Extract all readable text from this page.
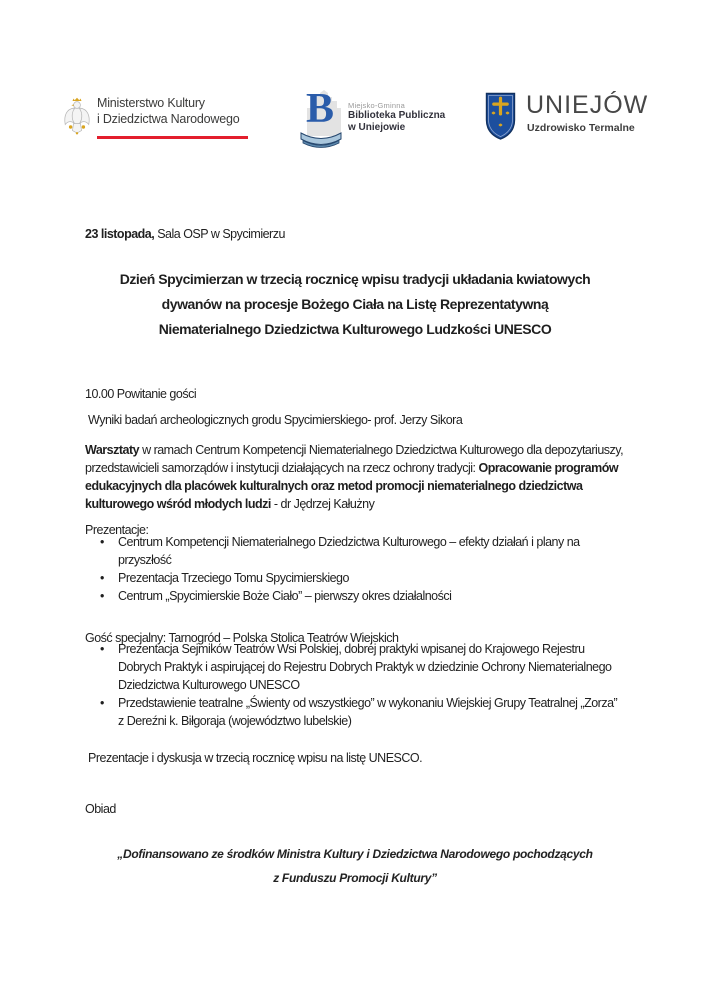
Ministerstwo Kultury
i Dziedzictwa Narodowego B Miejsko-Gminna
Biblioteka Publiczna
w Uniejowie
UNIEJÓW
Uzdrowisko Termalne

23 listopada, Sala OSP w Spycimierzu

Dzień Spycimierzan w trzecią rocznicę wpisu tradycji układania kwiatowych
dywanów na procesje Bożego Ciała na Listę Reprezentatywną
Niematerialnego Dziedzictwa Kulturowego Ludzkości UNESCO

10.00 Powitanie gości

Wyniki badań archeologicznych grodu Spycimierskiego- prof. Jerzy Sikora

Warsztaty w ramach Centrum Kompetencji Niematerialnego Dziedzictwa Kulturowego dla depozytariuszy, przedstawicieli samorządów i instytucji działających na rzecz ochrony tradycji: Opracowanie programów edukacyjnych dla placówek kulturalnych oraz metod promocji niematerialnego dziedzictwa kulturowego wśród młodych ludzi - dr Jędrzej Kałużny

Prezentacje:

• Centrum Kompetencji Niematerialnego Dziedzictwa Kulturowego – efekty działań i plany na przyszłość
• Prezentacja Trzeciego Tomu Spycimierskiego
• Centrum „Spycimierskie Boże Ciało” – pierwszy okres działalności

Gość specjalny: Tarnogród – Polska Stolica Teatrów Wiejskich

• Prezentacja Sejmików Teatrów Wsi Polskiej, dobrej praktyki wpisanej do Krajowego Rejestru Dobrych Praktyk i aspirującej do Rejestru Dobrych Praktyk w dziedzinie Ochrony Niematerialnego Dziedzictwa Kulturowego UNESCO
• Przedstawienie teatralne „Świenty od wszystkiego” w wykonaniu Wiejskiej Grupy Teatralnej „Zorza” z Dereźni k. Biłgoraja (województwo lubelskie)

Prezentacje i dyskusja w trzecią rocznicę wpisu na listę UNESCO.

Obiad

„Dofinansowano ze środków Ministra Kultury i Dziedzictwa Narodowego pochodzących
z Funduszu Promocji Kultury”
